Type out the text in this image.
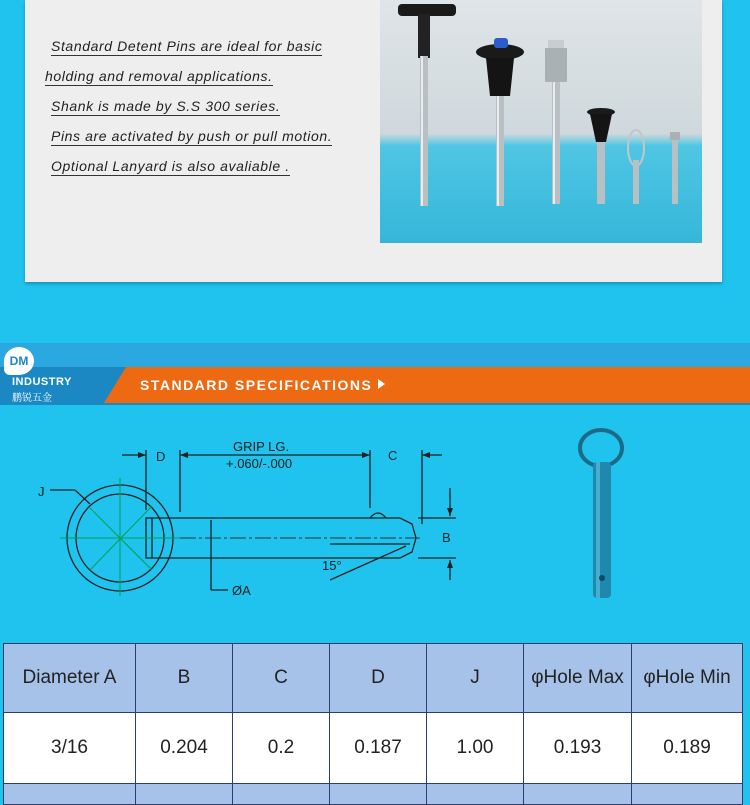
Standard Detent Pins are ideal for basic
holding and removal applications.
Shank is made by S.S 300 series.
Pins are activated by push or pull motion.
Optional Lanyard is also avaliable .
DM
INDUSTRY
鹏锐五金
STANDARD SPECIFICATIONS
D
GRIP LG.
+.060/-.000
C
J
B
ØA
15°
Diameter A	B	C	D	J	φHole Max	φHole Min
3/16	0.204	0.2	0.187	1.00	0.193	0.189
